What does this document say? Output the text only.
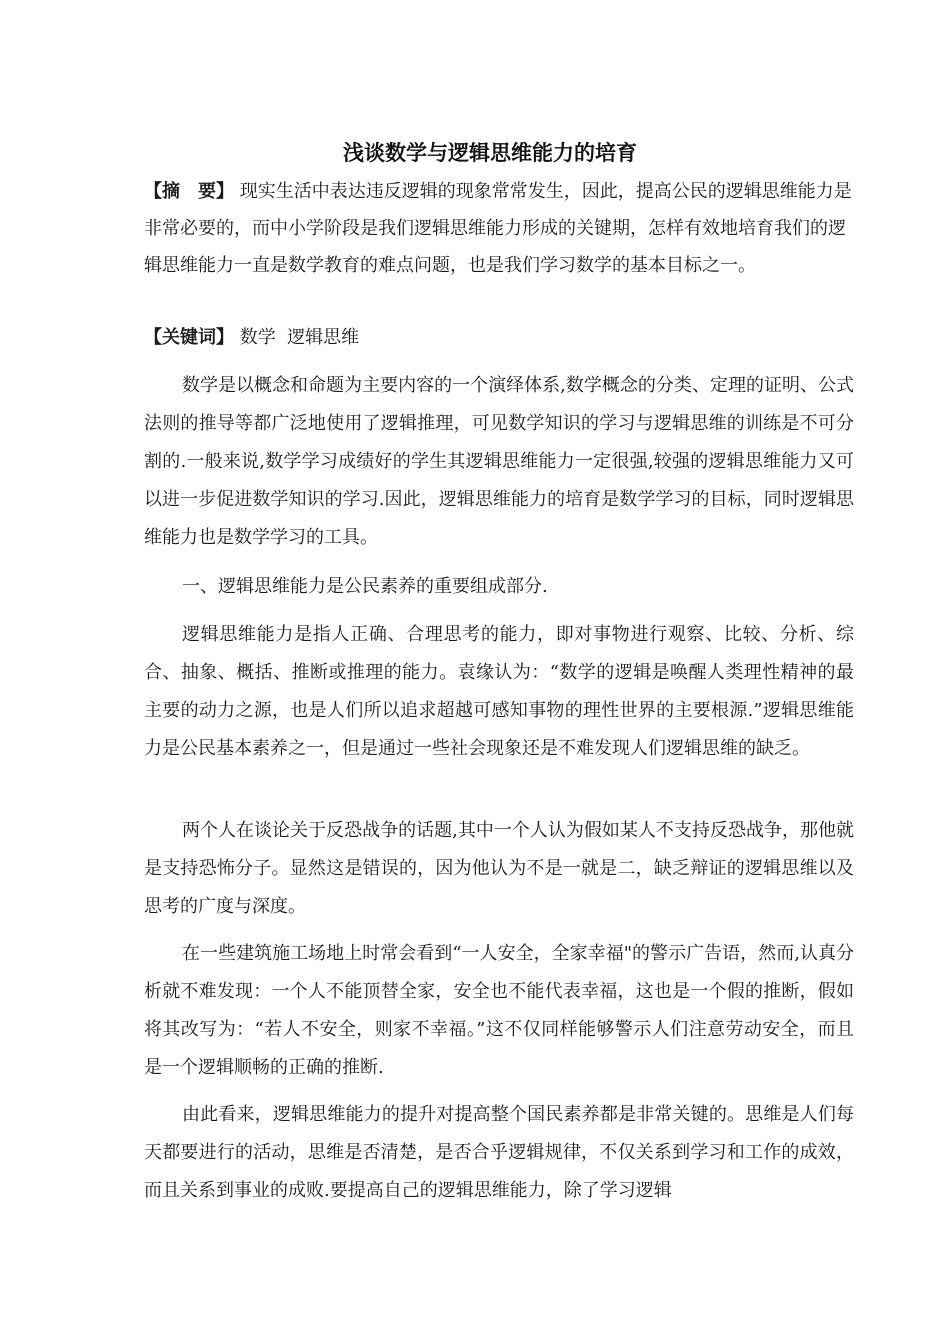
浅谈数学与逻辑思维能力的培育
【摘　要】 现实生活中表达违反逻辑的现象常常发生，因此，提高公民的逻辑思维能力是非常必要的，而中小学阶段是我们逻辑思维能力形成的关键期，怎样有效地培育我们的逻辑思维能力一直是数学教育的难点问题，也是我们学习数学的基本目标之一。
【关键词】 数学  逻辑思维
数学是以概念和命题为主要内容的一个演绎体系,数学概念的分类、定理的证明、公式法则的推导等都广泛地使用了逻辑推理，可见数学知识的学习与逻辑思维的训练是不可分割的.一般来说,数学学习成绩好的学生其逻辑思维能力一定很强,较强的逻辑思维能力又可以进一步促进数学知识的学习.因此，逻辑思维能力的培育是数学学习的目标，同时逻辑思维能力也是数学学习的工具。
一、逻辑思维能力是公民素养的重要组成部分.
逻辑思维能力是指人正确、合理思考的能力，即对事物进行观察、比较、分析、综合、抽象、概括、推断或推理的能力。袁缘认为：“数学的逻辑是唤醒人类理性精神的最主要的动力之源，也是人们所以追求超越可感知事物的理性世界的主要根源.”逻辑思维能力是公民基本素养之一，但是通过一些社会现象还是不难发现人们逻辑思维的缺乏。
两个人在谈论关于反恐战争的话题,其中一个人认为假如某人不支持反恐战争，那他就是支持恐怖分子。显然这是错误的，因为他认为不是一就是二，缺乏辩证的逻辑思维以及思考的广度与深度。
在一些建筑施工场地上时常会看到“一人安全，全家幸福"的警示广告语，然而,认真分析就不难发现：一个人不能顶替全家，安全也不能代表幸福，这也是一个假的推断，假如将其改写为：“若人不安全，则家不幸福。”这不仅同样能够警示人们注意劳动安全，而且是一个逻辑顺畅的正确的推断.
由此看来，逻辑思维能力的提升对提高整个国民素养都是非常关键的。思维是人们每天都要进行的活动，思维是否清楚，是否合乎逻辑规律，不仅关系到学习和工作的成效，而且关系到事业的成败.要提高自己的逻辑思维能力，除了学习逻辑
